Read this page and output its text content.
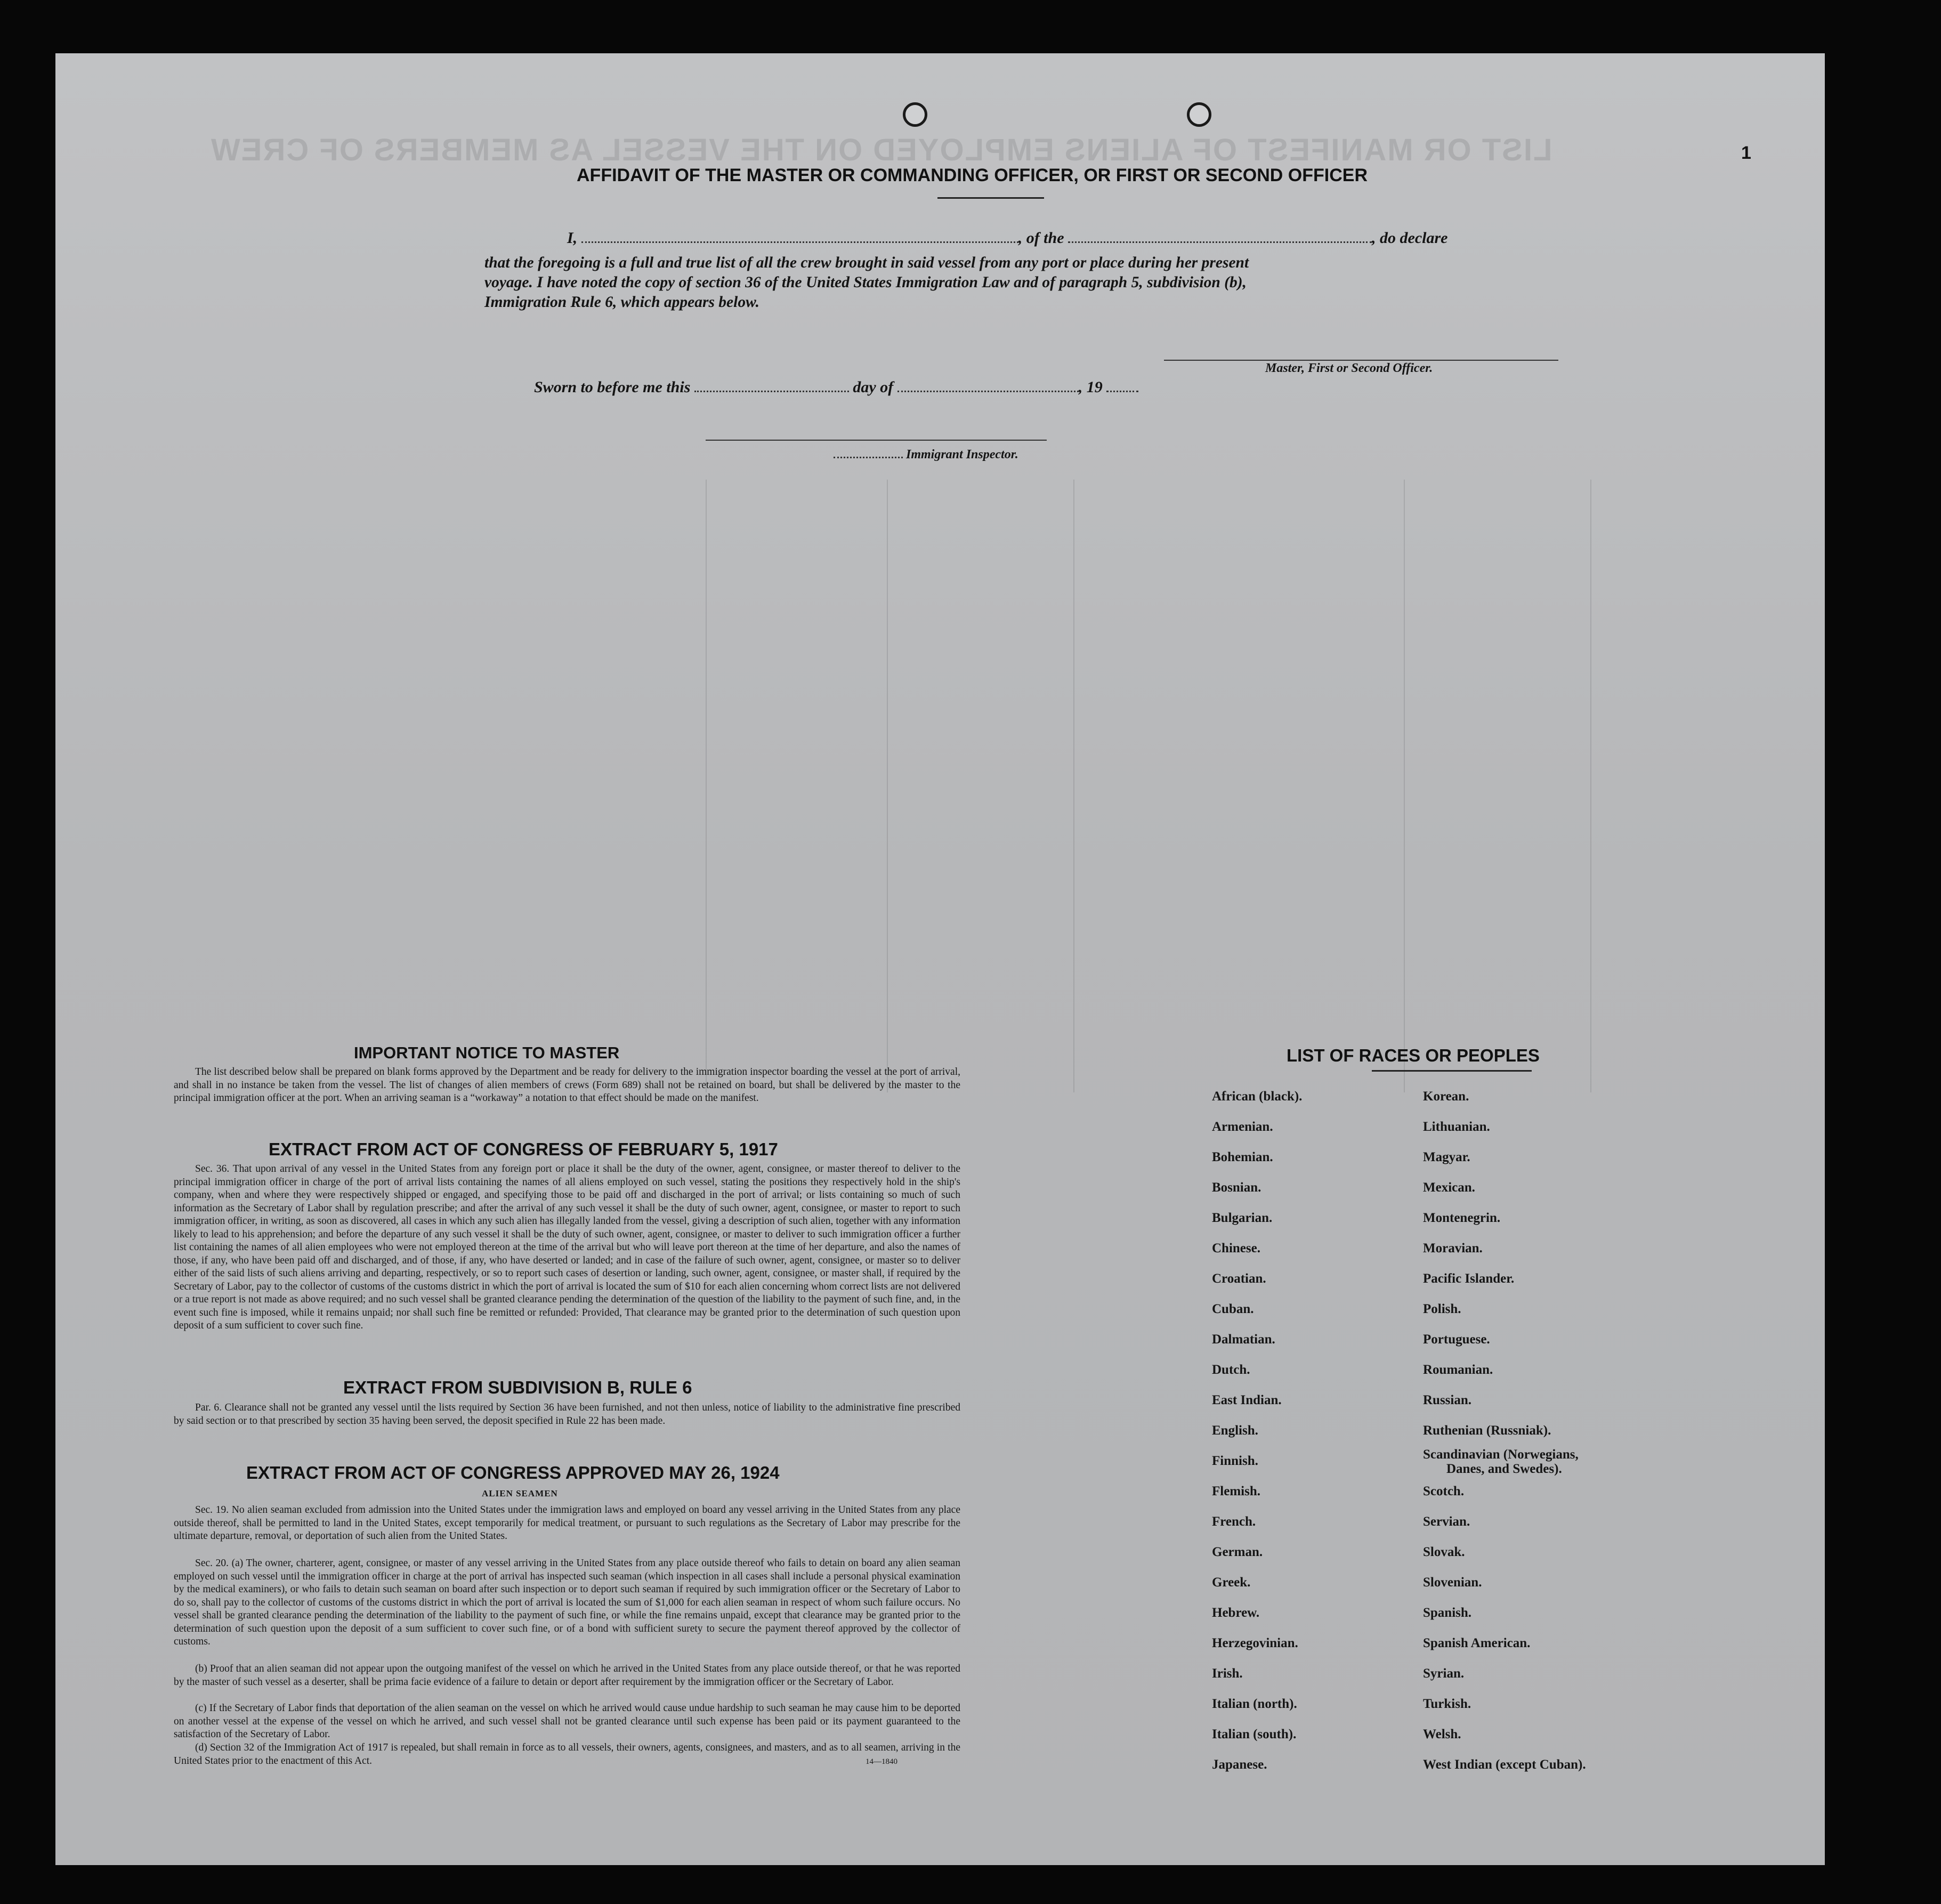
LIST OR MANIFEST OF ALIENS EMPLOYED ON THE VESSEL AS MEMBERS OF CREW	1
AFFIDAVIT OF THE MASTER OR COMMANDING OFFICER, OR FIRST OR SECOND OFFICER
I,	, of the	, do declare
that the foregoing is a full and true list of all the crew brought in said vessel from any port or place during her present
voyage. I have noted the copy of section 36 of the United States Immigration Law and of paragraph 5, subdivision (b),
Immigration Rule 6, which appears below.
Master, First or Second Officer.
Sworn to before me this	day of	, 19
Immigrant Inspector.
IMPORTANT NOTICE TO MASTER
The list described below shall be prepared on blank forms approved by the Department and be ready for delivery to the immigration inspector boarding the vessel at the port of arrival, and shall in no instance be taken from the vessel. The list of changes of alien members of crews (Form 689) shall not be retained on board, but shall be delivered by the master to the principal immigration officer at the port. When an arriving seaman is a “workaway” a notation to that effect should be made on the manifest.
EXTRACT FROM ACT OF CONGRESS OF FEBRUARY 5, 1917
Sec. 36. That upon arrival of any vessel in the United States from any foreign port or place it shall be the duty of the owner, agent, consignee, or master thereof to deliver to the principal immigration officer in charge of the port of arrival lists containing the names of all aliens employed on such vessel, stating the positions they respectively hold in the ship's company, when and where they were respectively shipped or engaged, and specifying those to be paid off and discharged in the port of arrival; or lists containing so much of such information as the Secretary of Labor shall by regulation prescribe; and after the arrival of any such vessel it shall be the duty of such owner, agent, consignee, or master to report to such immigration officer, in writing, as soon as discovered, all cases in which any such alien has illegally landed from the vessel, giving a description of such alien, together with any information likely to lead to his apprehension; and before the departure of any such vessel it shall be the duty of such owner, agent, consignee, or master to deliver to such immigration officer a further list containing the names of all alien employees who were not employed thereon at the time of the arrival but who will leave port thereon at the time of her departure, and also the names of those, if any, who have been paid off and discharged, and of those, if any, who have deserted or landed; and in case of the failure of such owner, agent, consignee, or master so to deliver either of the said lists of such aliens arriving and departing, respectively, or so to report such cases of desertion or landing, such owner, agent, consignee, or master shall, if required by the Secretary of Labor, pay to the collector of customs of the customs district in which the port of arrival is located the sum of $10 for each alien concerning whom correct lists are not delivered or a true report is not made as above required; and no such vessel shall be granted clearance pending the determination of the question of the liability to the payment of such fine, and, in the event such fine is imposed, while it remains unpaid; nor shall such fine be remitted or refunded: Provided, That clearance may be granted prior to the determination of such question upon deposit of a sum sufficient to cover such fine.
EXTRACT FROM SUBDIVISION B, RULE 6
Par. 6. Clearance shall not be granted any vessel until the lists required by Section 36 have been furnished, and not then unless, notice of liability to the administrative fine prescribed by said section or to that prescribed by section 35 having been served, the deposit specified in Rule 22 has been made.
EXTRACT FROM ACT OF CONGRESS APPROVED MAY 26, 1924
ALIEN SEAMEN
Sec. 19. No alien seaman excluded from admission into the United States under the immigration laws and employed on board any vessel arriving in the United States from any place outside thereof, shall be permitted to land in the United States, except temporarily for medical treatment, or pursuant to such regulations as the Secretary of Labor may prescribe for the ultimate departure, removal, or deportation of such alien from the United States.
Sec. 20. (a) The owner, charterer, agent, consignee, or master of any vessel arriving in the United States from any place outside thereof who fails to detain on board any alien seaman employed on such vessel until the immigration officer in charge at the port of arrival has inspected such seaman (which inspection in all cases shall include a personal physical examination by the medical examiners), or who fails to detain such seaman on board after such inspection or to deport such seaman if required by such immigration officer or the Secretary of Labor to do so, shall pay to the collector of customs of the customs district in which the port of arrival is located the sum of $1,000 for each alien seaman in respect of whom such failure occurs. No vessel shall be granted clearance pending the determination of the liability to the payment of such fine, or while the fine remains unpaid, except that clearance may be granted prior to the determination of such question upon the deposit of a sum sufficient to cover such fine, or of a bond with sufficient surety to secure the payment thereof approved by the collector of customs.
(b) Proof that an alien seaman did not appear upon the outgoing manifest of the vessel on which he arrived in the United States from any place outside thereof, or that he was reported by the master of such vessel as a deserter, shall be prima facie evidence of a failure to detain or deport after requirement by the immigration officer or the Secretary of Labor.
(c) If the Secretary of Labor finds that deportation of the alien seaman on the vessel on which he arrived would cause undue hardship to such seaman he may cause him to be deported on another vessel at the expense of the vessel on which he arrived, and such vessel shall not be granted clearance until such expense has been paid or its payment guaranteed to the satisfaction of the Secretary of Labor.
(d) Section 32 of the Immigration Act of 1917 is repealed, but shall remain in force as to all vessels, their owners, agents, consignees, and masters, and as to all seamen, arriving in the United States prior to the enactment of this Act.	14—1840
LIST OF RACES OR PEOPLES
African (black).
Armenian.
Bohemian.
Bosnian.
Bulgarian.
Chinese.
Croatian.
Cuban.
Dalmatian.
Dutch.
East Indian.
English.
Finnish.
Flemish.
French.
German.
Greek.
Hebrew.
Herzegovinian.
Irish.
Italian (north).
Italian (south).
Japanese.
Korean.
Lithuanian.
Magyar.
Mexican.
Montenegrin.
Moravian.
Pacific Islander.
Polish.
Portuguese.
Roumanian.
Russian.
Ruthenian (Russniak).
Scandinavian (Norwegians,
Danes, and Swedes).
Scotch.
Servian.
Slovak.
Slovenian.
Spanish.
Spanish American.
Syrian.
Turkish.
Welsh.
West Indian (except Cuban).
